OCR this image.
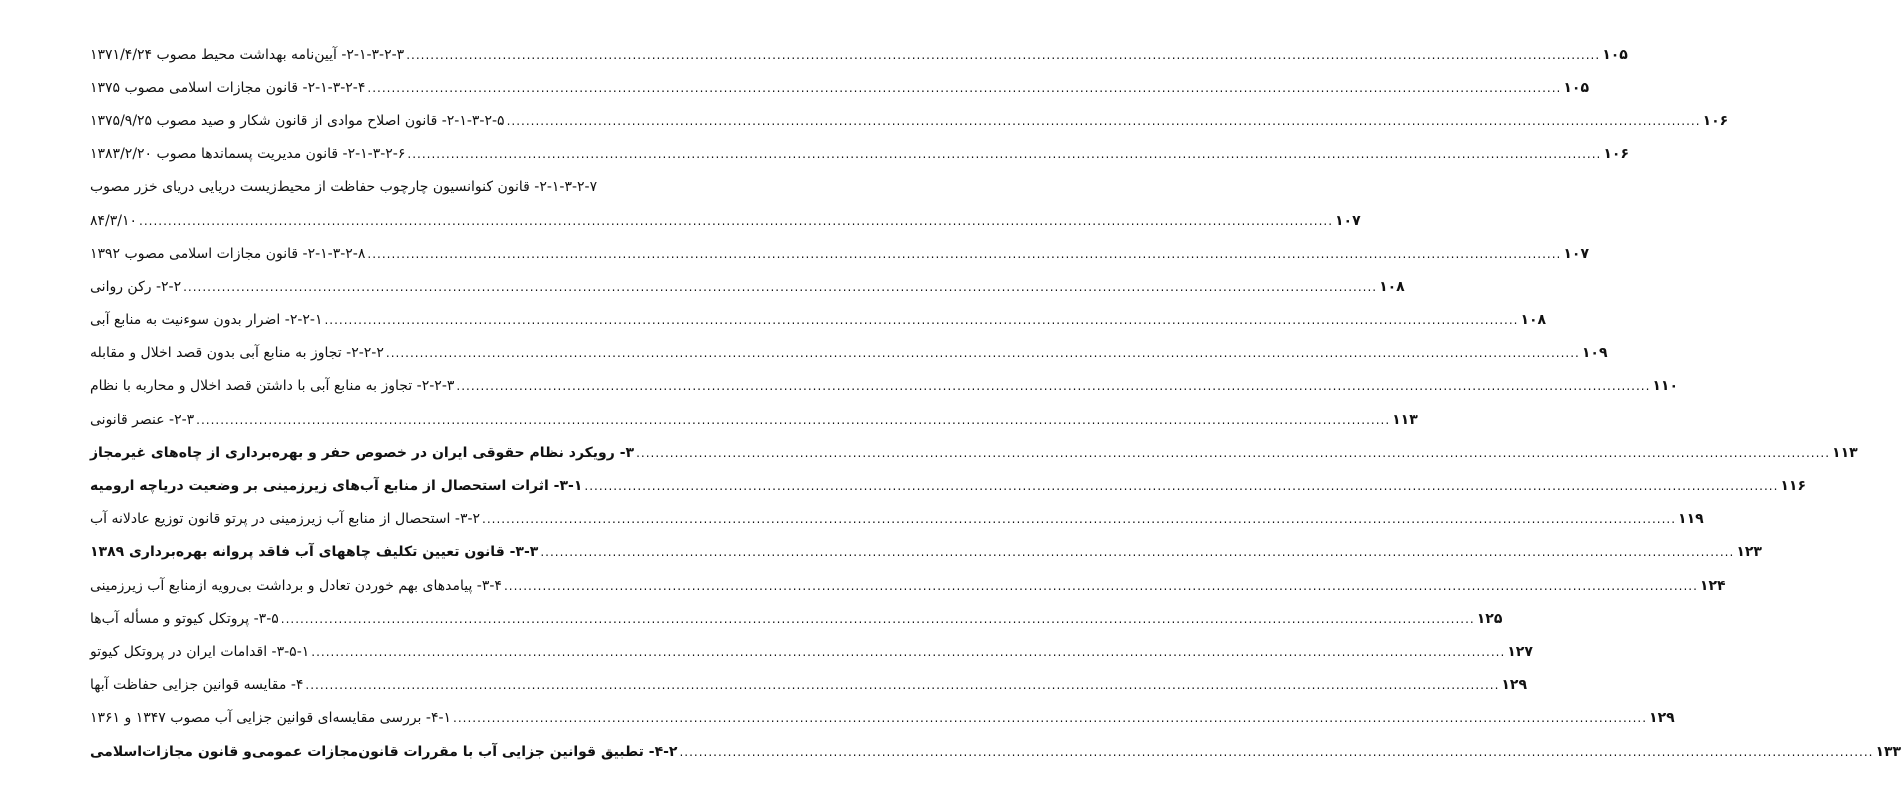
۲-۱-۳-۲-۳- آیین‌نامه بهداشت محیط مصوب ۱۳۷۱/۴/۲۴ .....	۱۰۵
۲-۱-۳-۲-۴- قانون مجازات اسلامی مصوب ۱۳۷۵ .....	۱۰۵
۲-۱-۳-۲-۵- قانون اصلاح موادی از قانون شکار و صید مصوب ۱۳۷۵/۹/۲۵ .....	۱۰۶
۲-۱-۳-۲-۶- قانون مدیریت پسماندها مصوب ۱۳۸۳/۲/۲۰ .....	۱۰۶
۲-۱-۳-۲-۷- قانون کنوانسیون چارچوب حفاظت از محیط‌زیست دریایی دریای خزر مصوب
۸۴/۳/۱۰ .....	۱۰۷
۲-۱-۳-۲-۸- قانون مجازات اسلامی مصوب ۱۳۹۲ .....	۱۰۷
۲-۲- رکن روانی .....	۱۰۸
۲-۲-۱- اضرار بدون سوءنیت به منابع آبی .....	۱۰۸
۲-۲-۲- تجاوز به منابع آبی بدون قصد اخلال و مقابله .....	۱۰۹
۲-۲-۳- تجاوز به منابع آبی با داشتن قصد اخلال و محاربه با نظام .....	۱۱۰
۲-۳- عنصر قانونی .....	۱۱۳
۳- رویکرد نظام حقوقی ایران در خصوص حفر و بهره‌برداری از چاه‌های غیرمجاز .....	۱۱۳
۳-۱- اثرات استحصال از منابع آب‌های زیرزمینی بر وضعیت دریاچه ارومیه .....	۱۱۶
۳-۲- استحصال از منابع آب زیرزمینی در پرتو قانون توزیع عادلانه آب .....	۱۱۹
۳-۳- قانون تعیین تکلیف چاههای آب فاقد پروانه بهره‌برداری ۱۳۸۹ .....	۱۲۳
۳-۴- پیامدهای بهم خوردن تعادل و برداشت بی‌رویه ازمنابع آب زیرزمینی .....	۱۲۴
۳-۵- پروتکل کیوتو و مسأله آب‌ها .....	۱۲۵
۳-۵-۱- اقدامات ایران در پروتکل کیوتو .....	۱۲۷
۴- مقایسه قوانین جزایی حفاظت آبها .....	۱۲۹
۴-۱- بررسی مقایسه‌ای قوانین جزایی آب مصوب ۱۳۴۷ و ۱۳۶۱ .....	۱۲۹
۴-۲- تطبیق قوانین جزایی آب با مقررات قانون‌مجازات عمومی‌و قانون مجازات‌اسلامی .....	۱۳۳
